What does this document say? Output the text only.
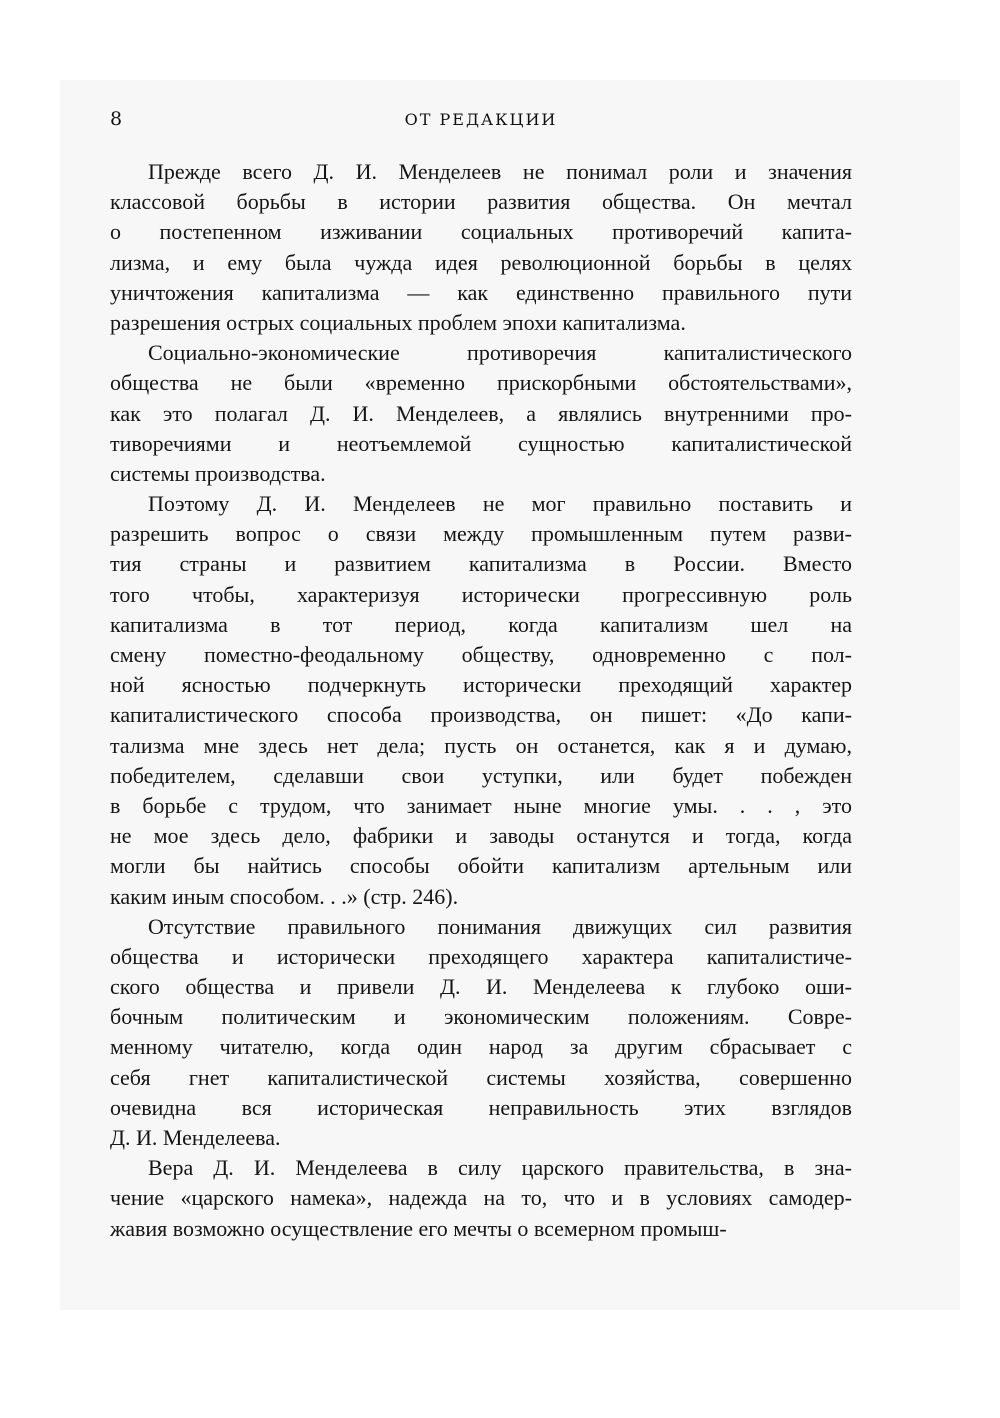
8	ОТ РЕДАКЦИИ
Прежде всего Д. И. Менделеев не понимал роли и значения
классовой борьбы в истории развития общества. Он мечтал
о постепенном изживании социальных противоречий капита-
лизма, и ему была чужда идея революционной борьбы в целях
уничтожения капитализма — как единственно правильного пути
разрешения острых социальных проблем эпохи капитализма.
Социально-экономические противоречия капиталистического
общества не были «временно прискорбными обстоятельствами»,
как это полагал Д. И. Менделеев, а являлись внутренними про-
тиворечиями и неотъемлемой сущностью капиталистической
системы производства.
Поэтому Д. И. Менделеев не мог правильно поставить и
разрешить вопрос о связи между промышленным путем разви-
тия страны и развитием капитализма в России. Вместо
того чтобы, характеризуя исторически прогрессивную роль
капитализма в тот период, когда капитализм шел на
смену поместно-феодальному обществу, одновременно с пол-
ной ясностью подчеркнуть исторически преходящий характер
капиталистического способа производства, он пишет: «До капи-
тализма мне здесь нет дела; пусть он останется, как я и думаю,
победителем, сделавши свои уступки, или будет побежден
в борьбе с трудом, что занимает ныне многие умы. . . , это
не мое здесь дело, фабрики и заводы останутся и тогда, когда
могли бы найтись способы обойти капитализм артельным или
каким иным способом. . .» (стр. 246).
Отсутствие правильного понимания движущих сил развития
общества и исторически преходящего характера капиталистиче-
ского общества и привели Д. И. Менделеева к глубоко оши-
бочным политическим и экономическим положениям. Совре-
менному читателю, когда один народ за другим сбрасывает с
себя гнет капиталистической системы хозяйства, совершенно
очевидна вся историческая неправильность этих взглядов
Д. И. Менделеева.
Вера Д. И. Менделеева в силу царского правительства, в зна-
чение «царского намека», надежда на то, что и в условиях самодер-
жавия возможно осуществление его мечты о всемерном промыш-
